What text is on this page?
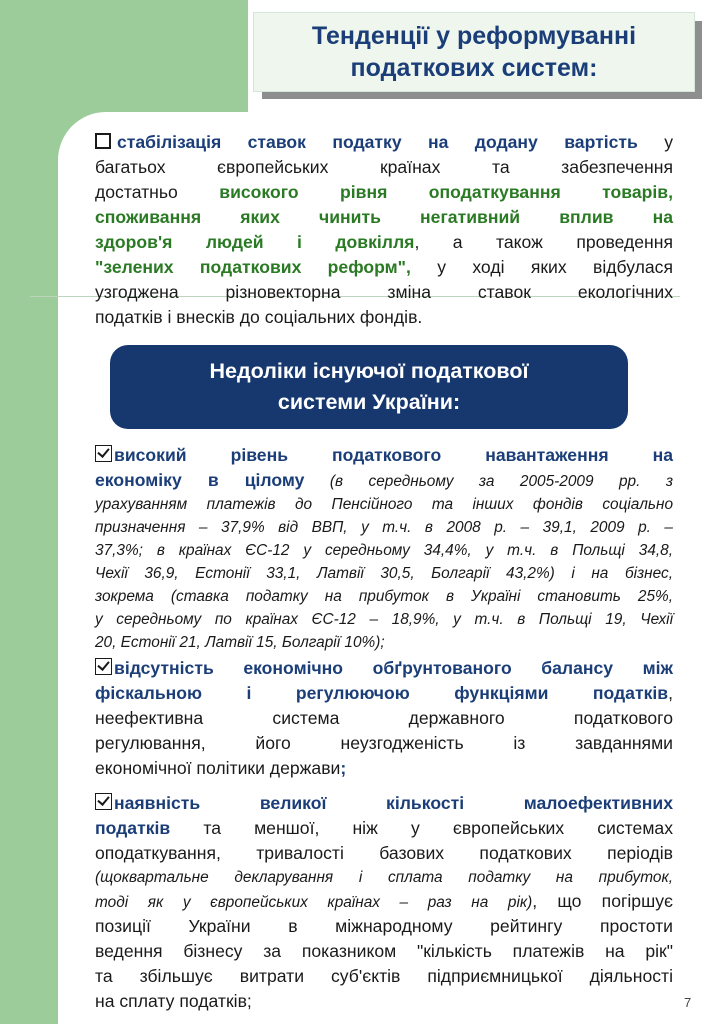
Тенденції у реформуванні
податкових систем:
стабілізація ставок податку на додану вартість у
багатьох європейських країнах та забезпечення
достатньо високого рівня оподаткування товарів,
споживання яких чинить негативний вплив на
здоров'я людей і довкілля, а також проведення
"зелених податкових реформ", у ході яких відбулася
узгоджена різновекторна зміна ставок екологічних
податків і внесків до соціальних фондів.
Недоліки існуючої податкової
системи України:
високий рівень податкового навантаження на
економіку в цілому (в середньому за 2005-2009 рр. з
урахуванням платежів до Пенсійного та інших фондів соціально
призначення – 37,9% від ВВП, у т.ч. в 2008 р. – 39,1, 2009 р. –
37,3%; в країнах ЄС-12 у середньому 34,4%, у т.ч. в Польщі 34,8,
Чехії 36,9, Естонії 33,1, Латвії 30,5, Болгарії 43,2%) і на бізнес,
зокрема (ставка податку на прибуток в Україні становить 25%,
у середньому по країнах ЄС-12 – 18,9%, у т.ч. в Польщі 19, Чехії
20, Естонії 21, Латвії 15, Болгарії 10%);
відсутність економічно обґрунтованого балансу між
фіскальною і регулюючою функціями податків,
неефективна система державного податкового
регулювання, його неузгодженість із завданнями
економічної політики держави;
наявність великої кількості малоефективних
податків та меншої, ніж у європейських системах
оподаткування, тривалості базових податкових періодів
(щоквартальне декларування і сплата податку на прибуток,
тоді як у європейських країнах – раз на рік), що погіршує
позиції України в міжнародному рейтингу простоти
ведення бізнесу за показником "кількість платежів на рік"
та збільшує витрати суб'єктів підприємницької діяльності
на сплату податків;	7
